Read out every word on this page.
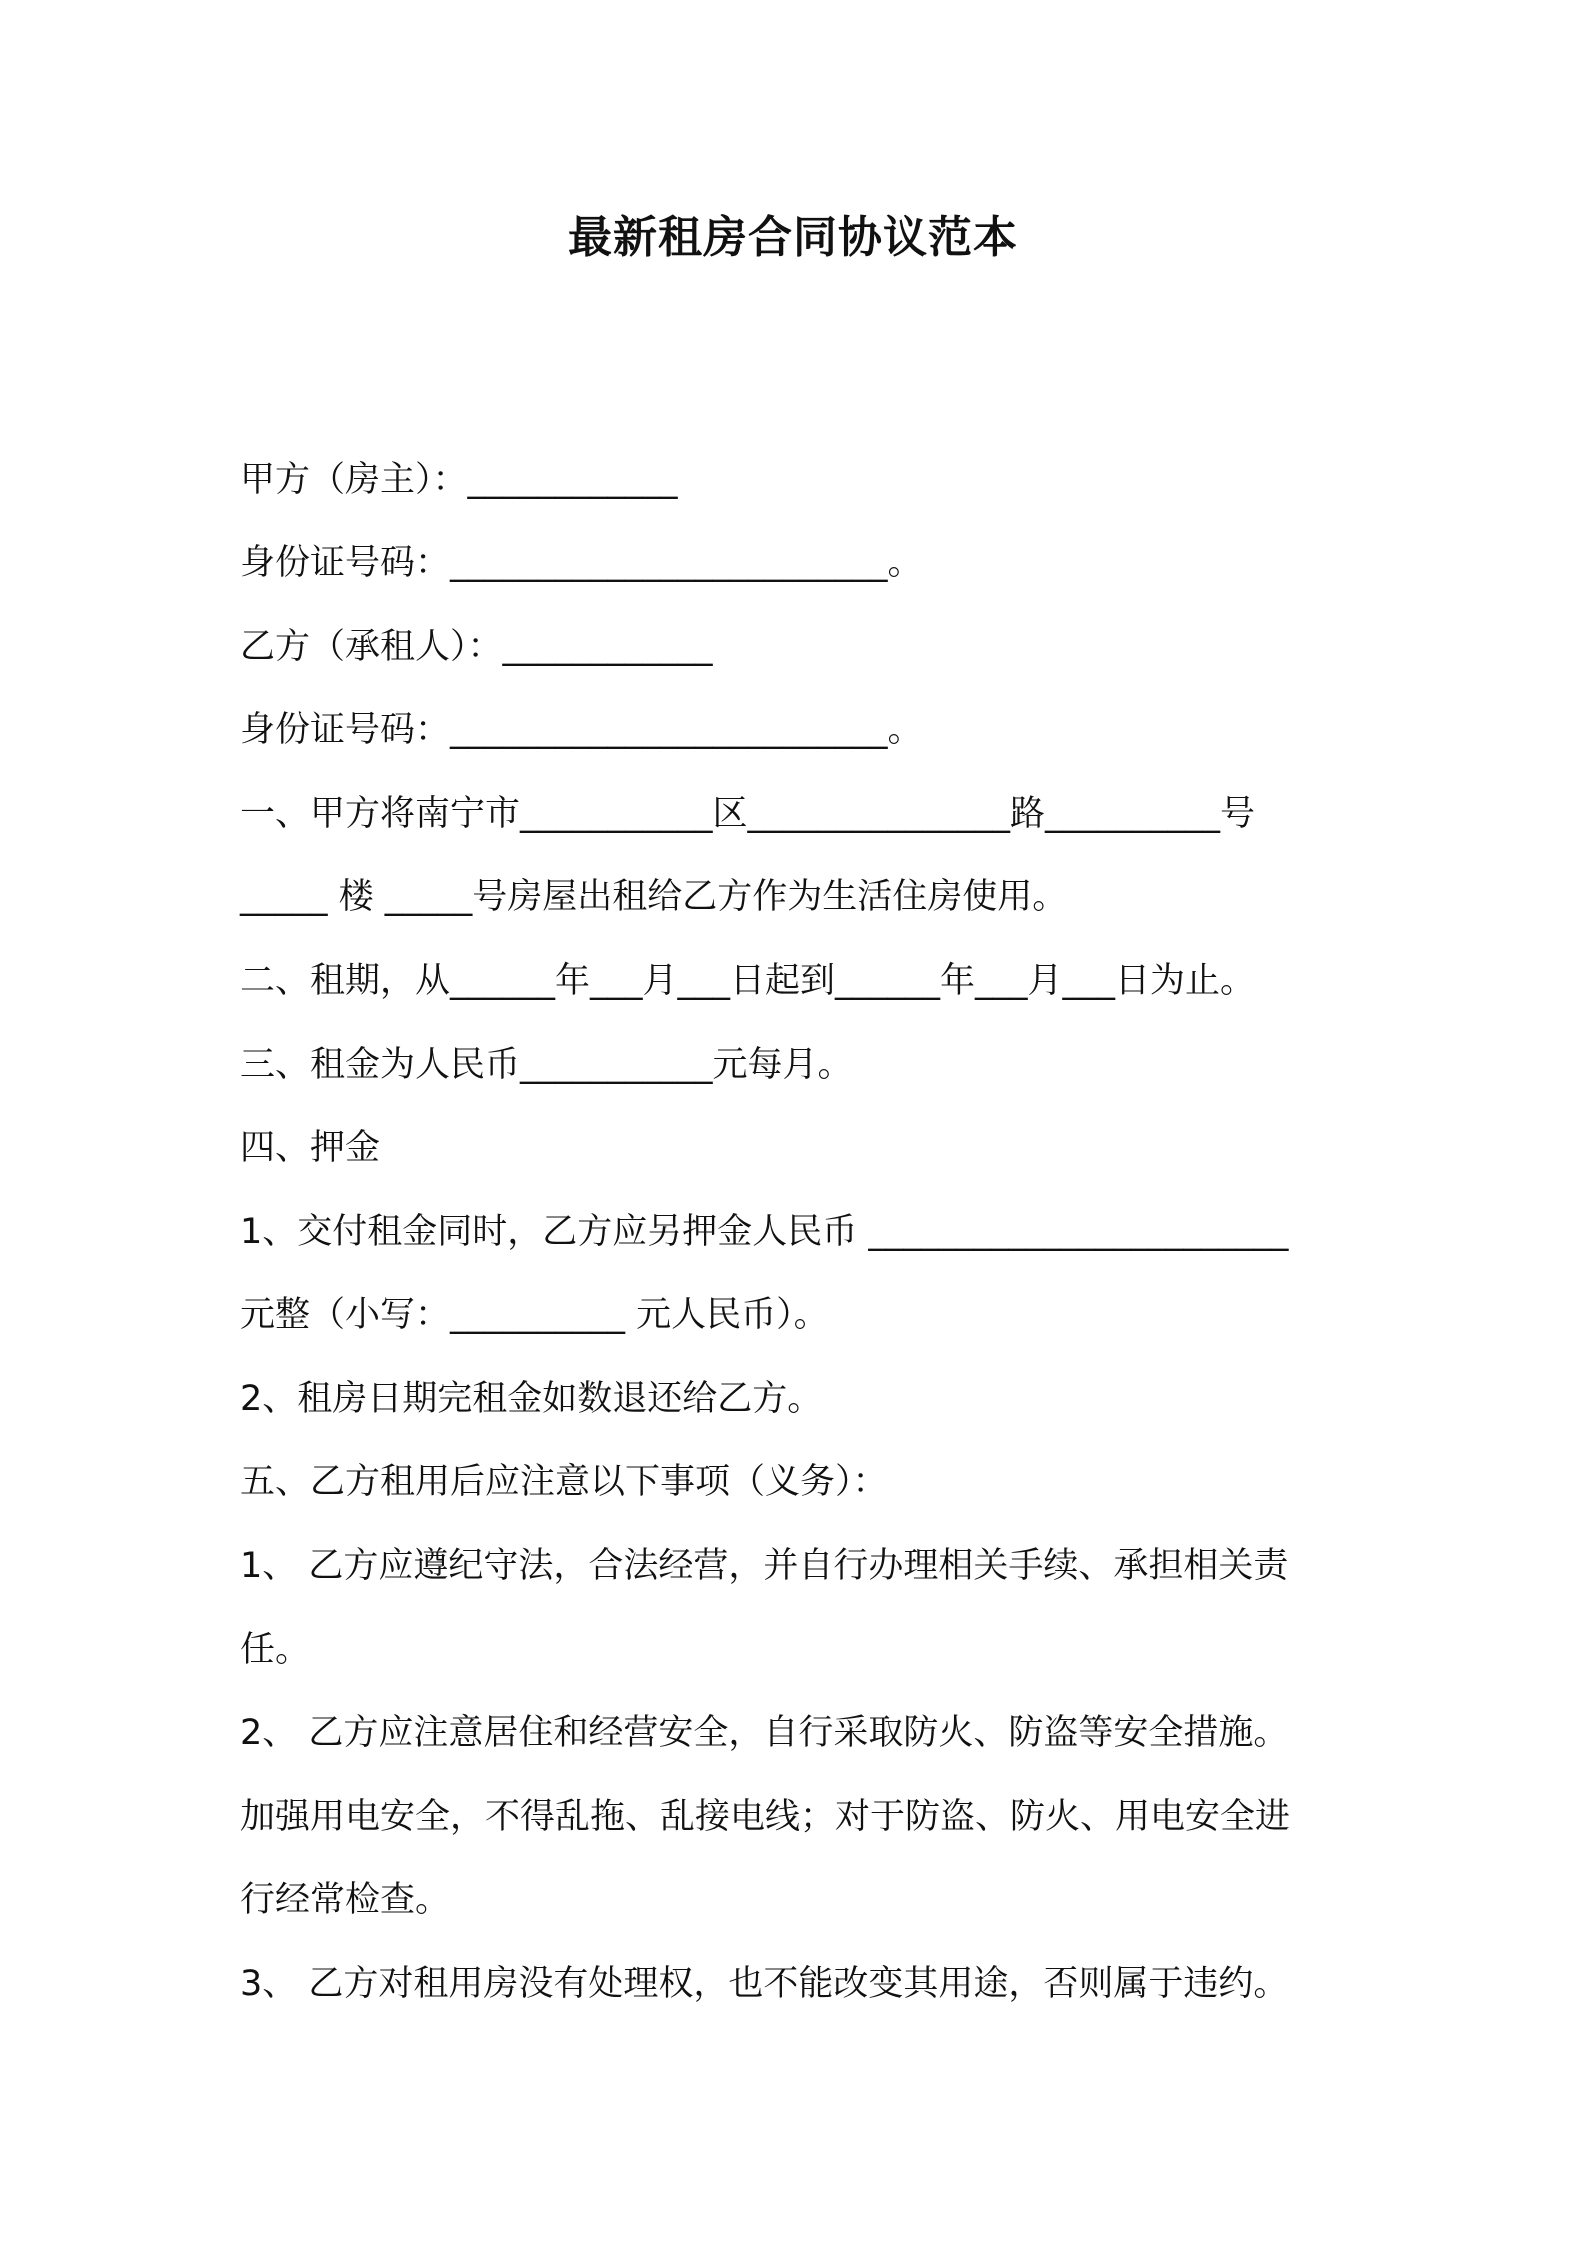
最新租房合同协议范本

甲方（房主）：____________

身份证号码：_________________________。

乙方（承租人）：____________

身份证号码：_________________________。

一、甲方将南宁市___________区_______________路__________号

_____ 楼 _____号房屋出租给乙方作为生活住房使用。

二、租期，从______年___月___日起到______年___月___日为止。

三、租金为人民币___________元每月。

四、押金

1、交付租金同时，乙方应另押金人民币 ________________________

元整（小写：__________ 元人民币）。

2、租房日期完租金如数退还给乙方。

五、乙方租用后应注意以下事项（义务）：

1、 乙方应遵纪守法，合法经营，并自行办理相关手续、承担相关责

任。

2、 乙方应注意居住和经营安全，自行采取防火、防盗等安全措施。

加强用电安全，不得乱拖、乱接电线；对于防盗、防火、用电安全进

行经常检查。

3、 乙方对租用房没有处理权，也不能改变其用途，否则属于违约。
